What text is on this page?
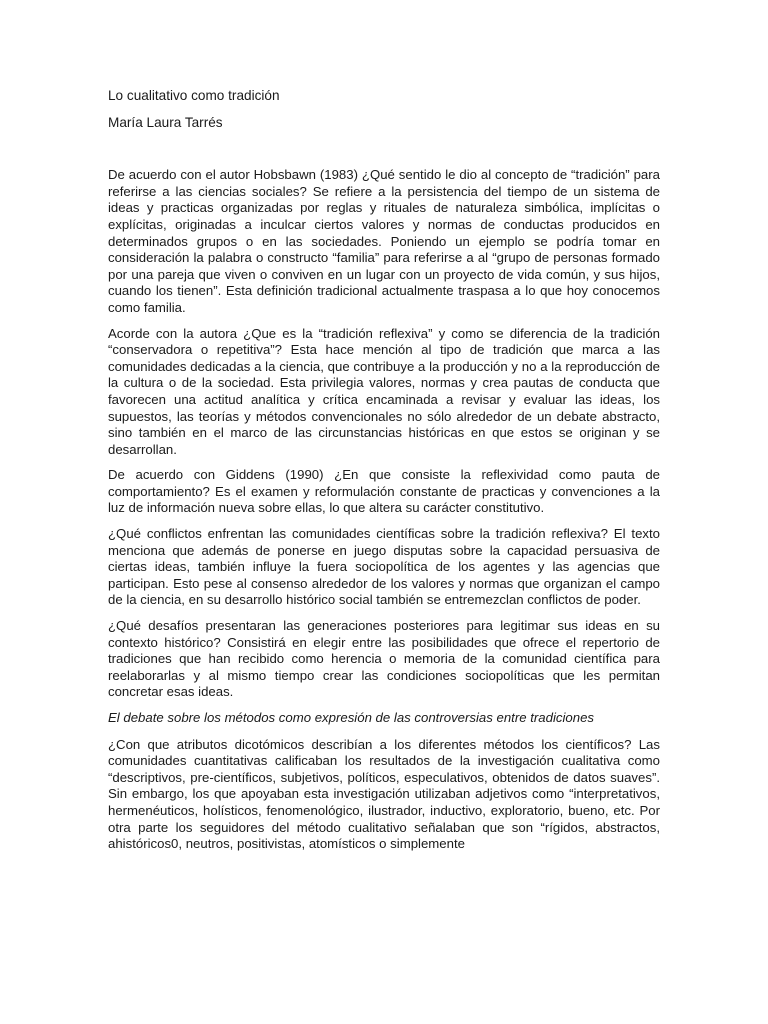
Lo cualitativo como tradición

María Laura Tarrés

De acuerdo con el autor Hobsbawn (1983) ¿Qué sentido le dio al concepto de “tradición” para referirse a las ciencias sociales? Se refiere a la persistencia del tiempo de un sistema de ideas y practicas organizadas por reglas y rituales de naturaleza simbólica, implícitas o explícitas, originadas a inculcar ciertos valores y normas de conductas producidos en determinados grupos o en las sociedades. Poniendo un ejemplo se podría tomar en consideración la palabra o constructo “familia” para referirse a al “grupo de personas formado por una pareja que viven o conviven en un lugar con un proyecto de vida común, y sus hijos, cuando los tienen”. Esta definición tradicional actualmente traspasa a lo que hoy conocemos como familia.

Acorde con la autora ¿Que es la “tradición reflexiva” y como se diferencia de la tradición “conservadora o repetitiva”? Esta hace mención al tipo de tradición que marca a las comunidades dedicadas a la ciencia, que contribuye a la producción y no a la reproducción de la cultura o de la sociedad. Esta privilegia valores, normas y crea pautas de conducta que favorecen una actitud analítica y crítica encaminada a revisar y evaluar las ideas, los supuestos, las teorías y métodos convencionales no sólo alrededor de un debate abstracto, sino también en el marco de las circunstancias históricas en que estos se originan y se desarrollan.

De acuerdo con Giddens (1990) ¿En que consiste la reflexividad como pauta de comportamiento? Es el examen y reformulación constante de practicas y convenciones a la luz de información nueva sobre ellas, lo que altera su carácter constitutivo.

¿Qué conflictos enfrentan las comunidades científicas sobre la tradición reflexiva? El texto menciona que además de ponerse en juego disputas sobre la capacidad persuasiva de ciertas ideas, también influye la fuera sociopolítica de los agentes y las agencias que participan. Esto pese al consenso alrededor de los valores y normas que organizan el campo de la ciencia, en su desarrollo histórico social también se entremezclan conflictos de poder.

¿Qué desafíos presentaran las generaciones posteriores para legitimar sus ideas en su contexto histórico? Consistirá en elegir entre las posibilidades que ofrece el repertorio de tradiciones que han recibido como herencia o memoria de la comunidad científica para reelaborarlas y al mismo tiempo crear las condiciones sociopolíticas que les permitan concretar esas ideas.

El debate sobre los métodos como expresión de las controversias entre tradiciones

¿Con que atributos dicotómicos describían a los diferentes métodos los científicos? Las comunidades cuantitativas calificaban los resultados de la investigación cualitativa como “descriptivos, pre-científicos, subjetivos, políticos, especulativos, obtenidos de datos suaves”. Sin embargo, los que apoyaban esta investigación utilizaban adjetivos como “interpretativos, hermenéuticos, holísticos, fenomenológico, ilustrador, inductivo, exploratorio, bueno, etc. Por otra parte los seguidores del método cualitativo señalaban que son “rígidos, abstractos, ahistóricos0, neutros, positivistas, atomísticos o simplemente
